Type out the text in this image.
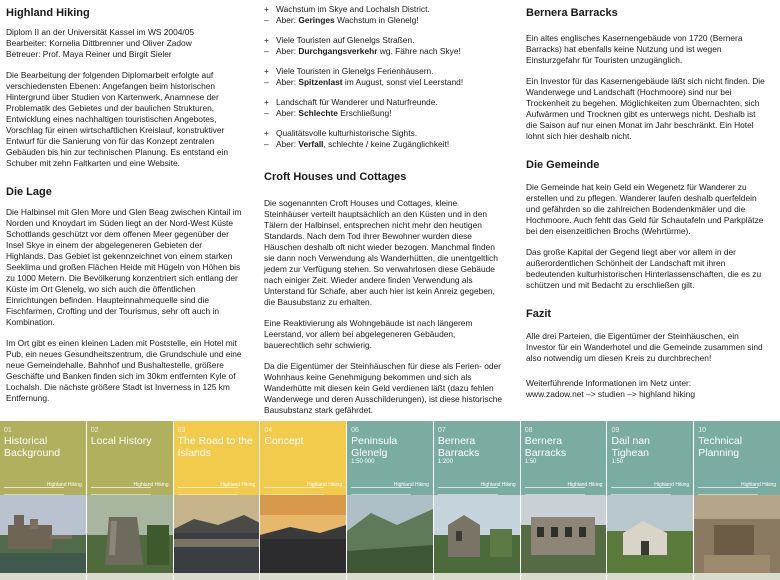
Highland Hiking

Diplom II an der Universität Kassel im WS 2004/05
Bearbeiter: Kornelia Dittbrenner und Oliver Zadow
Betreuer: Prof. Maya Reiner und Birgit Sieler

Die Bearbeitung der folgenden Diplomarbeit erfolgte auf verschiedensten Ebenen: Angefangen beim historischen Hintergrund über Studien von Kartenwerk, Anamnese der Problematik des Gebietes und der baulichen Strukturen, Entwicklung eines nachhaltigen touristischen Angebotes, Vorschlag für einen wirtschaftlichen Kreislauf, konstruktiver Entwurf für die Sanierung von für das Konzept zentralen Gebäuden bis hin zur technischen Planung. Es entstand ein Schuber mit zehn Faltkarten und eine Website.

Die Lage

Die Halbinsel mit Glen More und Glen Beag zwischen Kintail im Norden und Knoydart im Süden liegt an der Nord-West Küste Schottlands geschützt vor dem offenen Meer gegenüber der Insel Skye in einem der abgelegeneren Gebieten der Highlands. Das Gebiet ist gekennzeichnet von einem starken Seeklima und großen Flächen Heide mit Hügeln von Höhen bis zu 1000 Metern. Die Bevölkerung konzentriert sich entlang der Küste im Ort Glenelg, wo sich auch die öffentlichen Einrichtungen befinden. Haupteinnahmequelle sind die Fischfarmen, Crofting und der Tourismus, sehr oft auch in Kombination.

Im Ort gibt es einen kleinen Laden mit Poststelle, ein Hotel mit Pub, ein neues Gesundheitszentrum, die Grundschule und eine neue Gemeindehalle. Bahnhof und Bushaltestelle, größere Geschäfte und Banken finden sich im 30km entfernten Kyle of Lochalsh. Die nächste größere Stadt ist Inverness in 125 km Entfernung.

+ Wachstum im Skye and Lochalsh District.
– Aber: Geringes Wachstum in Glenelg!
+ Viele Touristen auf Glenelgs Straßen.
– Aber: Durchgangsverkehr wg. Fähre nach Skye!
+ Viele Touristen in Glenelgs Ferienhäusern.
– Aber: Spitzenlast im August, sonst viel Leerstand!
+ Landschaft für Wanderer und Naturfreunde.
– Aber: Schlechte Erschließung!
+ Qualitätsvolle kulturhistorische Sights.
– Aber: Verfall, schlechte / keine Zugänglichkeit!
Croft Houses und Cottages

Die sogenannten Croft Houses und Cottages, kleine Steinhäuser verteilt hauptsächlich an den Küsten und in den Tälern der Halbinsel, entsprechen nicht mehr den heutigen Standards. Nach dem Tod ihrer Bewohner wurden diese Häuschen deshalb oft nicht wieder bezogen. Manchmal finden sie dann noch Verwendung als Wanderhütten, die unentgeltlich jedem zur Verfügung stehen. So verwahrlosen diese Gebäude nach einiger Zeit. Wieder andere finden Verwendung als Unterstand für Schafe, aber auch hier ist kein Anreiz gegeben, die Bausubstanz zu erhalten.

Eine Reaktivierung als Wohngebäude ist nach längerem Leerstand, vor allem bei abgelegeneren Gebäuden, bauerechtlich sehr schwierig.

Da die Eigentümer der Steinhäuschen für diese als Ferien- oder Wohnhaus keine Genehmigung bekommen und sich als Wanderhütte mit diesen kein Geld verdienen läßt (dazu fehlen Wanderwege und deren Ausschilderungen), ist diese historische Bausubstanz stark gefährdet.

Bernera Barracks

Ein altes englisches Kasernengebäude von 1720 (Bernera Barracks) hat ebenfalls keine Nutzung und ist wegen Einsturzgefahr für Touristen unzugänglich.

Ein Investor für das Kasernengebäude läßt sich nicht finden. Die Wanderwege und Landschaft (Hochmoore) sind nur bei Trockenheit zu begehen. Möglichkeiten zum Übernachten, sich Aufwärmen und Trocknen gibt es unterwegs nicht. Deshalb ist die Saison auf nur einen Monat im Jahr beschränkt. Ein Hotel lohnt sich hier deshalb nicht.

Die Gemeinde

Die Gemeinde hat kein Geld ein Wegenetz für Wanderer zu erstellen und zu pflegen. Wanderer laufen deshalb querfeldein und gefährden so die zahlreichen Bodendenkmäler und die Hochmoore. Auch fehlt das Geld für Schautafeln und Parkplätze bei den eisenzeitlichen Brochs (Wehrtürme).

Das große Kapital der Gegend liegt aber vor allem in der außerordentlichen Schönheit der Landschaft mit ihren bedeutenden kulturhistorischen Hinterlassenschaften, die es zu schützen und mit Bedacht zu erschließen gilt.

Fazit

Alle drei Parteien, die Eigentümer der Steinhäuschen, ein Investor für ein Wanderhotel und die Gemeinde zusammen sind also notwendig um diesen Kreis zu durchbrechen!

Weiterführende Informationen im Netz unter:
www.zadow.net –> studien –> highland hiking

01
Historical Background
Highland Hiking
02
Local History
Highland Hiking
03
The Road to the Islands
Highland Hiking
04
Concept
Highland Hiking
06
Peninsula Glenelg
1:50 000
Highland Hiking
07
Bernera Barracks
1:200
Highland Hiking
08
Bernera Barracks
1:50
Highland Hiking
09
Dail nan Tighean
1:50
Highland Hiking
10
Technical Planning
Highland Hiking
